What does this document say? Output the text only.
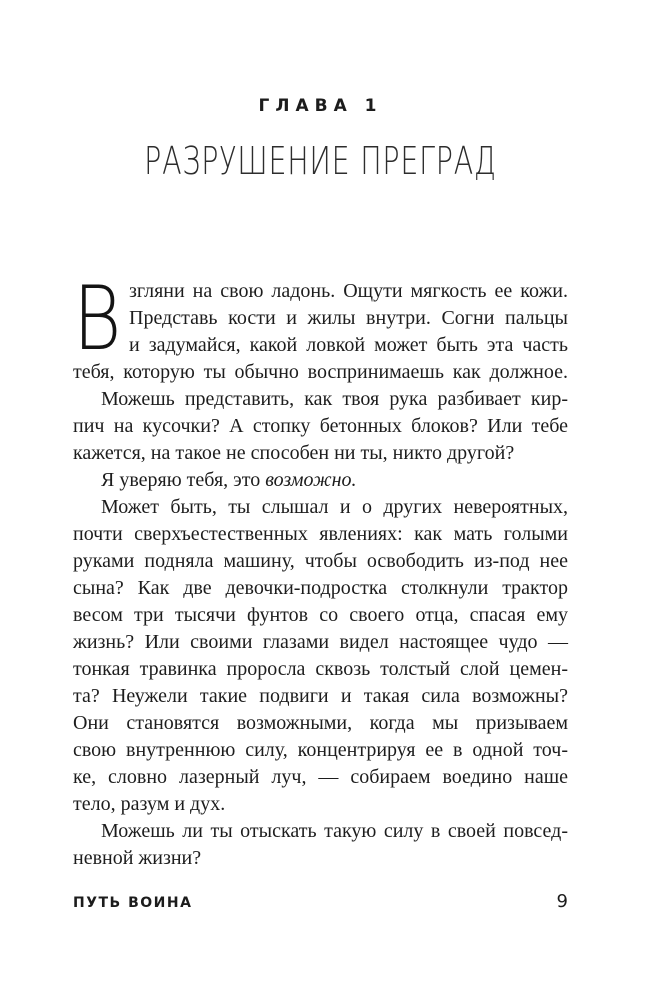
ГЛАВА 1
РАЗРУШЕНИЕ ПРЕГРАД
В згляни на свою ладонь. Ощути мягкость ее кожи.
Представь кости и жилы внутри. Согни пальцы
и задумайся, какой ловкой может быть эта часть
тебя, которую ты обычно воспринимаешь как должное.
Можешь представить, как твоя рука разбивает кир-
пич на кусочки? А стопку бетонных блоков? Или тебе
кажется, на такое не способен ни ты, никто другой?
Я уверяю тебя, это возможно.
Может быть, ты слышал и о других невероятных,
почти сверхъестественных явлениях: как мать голыми
руками подняла машину, чтобы освободить из-под нее
сына? Как две девочки-подростка столкнули трактор
весом три тысячи фунтов со своего отца, спасая ему
жизнь? Или своими глазами видел настоящее чудо —
тонкая травинка проросла сквозь толстый слой цемен-
та? Неужели такие подвиги и такая сила возможны?
Они становятся возможными, когда мы призываем
свою внутреннюю силу, концентрируя ее в одной точ-
ке, словно лазерный луч, — собираем воедино наше
тело, разум и дух.
Можешь ли ты отыскать такую силу в своей повсед-
невной жизни?
ПУТЬ ВОИНА	9
